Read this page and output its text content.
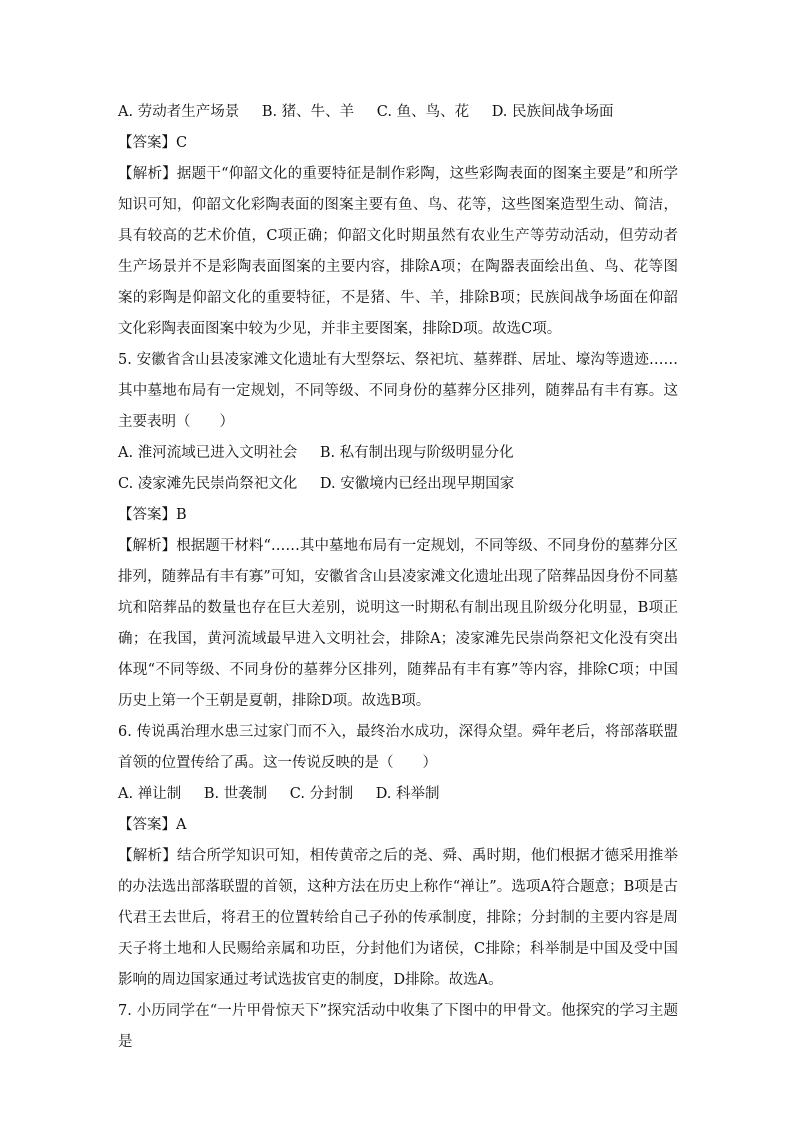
A. 劳动者生产场景 B. 猪、牛、羊 C. 鱼、鸟、花 D. 民族间战争场面

【答案】C

【解析】据题干“仰韶文化的重要特征是制作彩陶，这些彩陶表面的图案主要是”和所学知识可知，仰韶文化彩陶表面的图案主要有鱼、鸟、花等，这些图案造型生动、简洁，具有较高的艺术价值，C项正确；仰韶文化时期虽然有农业生产等劳动活动，但劳动者生产场景并不是彩陶表面图案的主要内容，排除A项；在陶器表面绘出鱼、鸟、花等图案的彩陶是仰韶文化的重要特征，不是猪、牛、羊，排除B项；民族间战争场面在仰韶文化彩陶表面图案中较为少见，并非主要图案，排除D项。故选C项。

5. 安徽省含山县凌家滩文化遗址有大型祭坛、祭祀坑、墓葬群、居址、壕沟等遗迹……其中墓地布局有一定规划，不同等级、不同身份的墓葬分区排列，随葬品有丰有寡。这主要表明（　　）

A. 淮河流域已进入文明社会 B. 私有制出现与阶级明显分化

C. 凌家滩先民崇尚祭祀文化 D. 安徽境内已经出现早期国家

【答案】B

【解析】根据题干材料“……其中墓地布局有一定规划，不同等级、不同身份的墓葬分区排列，随葬品有丰有寡”可知，安徽省含山县凌家滩文化遗址出现了陪葬品因身份不同墓坑和陪葬品的数量也存在巨大差别，说明这一时期私有制出现且阶级分化明显，B项正确；在我国，黄河流域最早进入文明社会，排除A；凌家滩先民崇尚祭祀文化没有突出体现“不同等级、不同身份的墓葬分区排列，随葬品有丰有寡”等内容，排除C项；中国历史上第一个王朝是夏朝，排除D项。故选B项。

6. 传说禹治理水患三过家门而不入，最终治水成功，深得众望。舜年老后，将部落联盟首领的位置传给了禹。这一传说反映的是（　　）

A. 禅让制 B. 世袭制 C. 分封制 D. 科举制

【答案】A

【解析】结合所学知识可知，相传黄帝之后的尧、舜、禹时期，他们根据才德采用推举的办法选出部落联盟的首领，这种方法在历史上称作“禅让”。选项A符合题意；B项是古代君王去世后，将君王的位置转给自己子孙的传承制度，排除；分封制的主要内容是周天子将土地和人民赐给亲属和功臣，分封他们为诸侯，C排除；科举制是中国及受中国影响的周边国家通过考试选拔官吏的制度，D排除。故选A。

7. 小历同学在“一片甲骨惊天下”探究活动中收集了下图中的甲骨文。他探究的学习主题是
